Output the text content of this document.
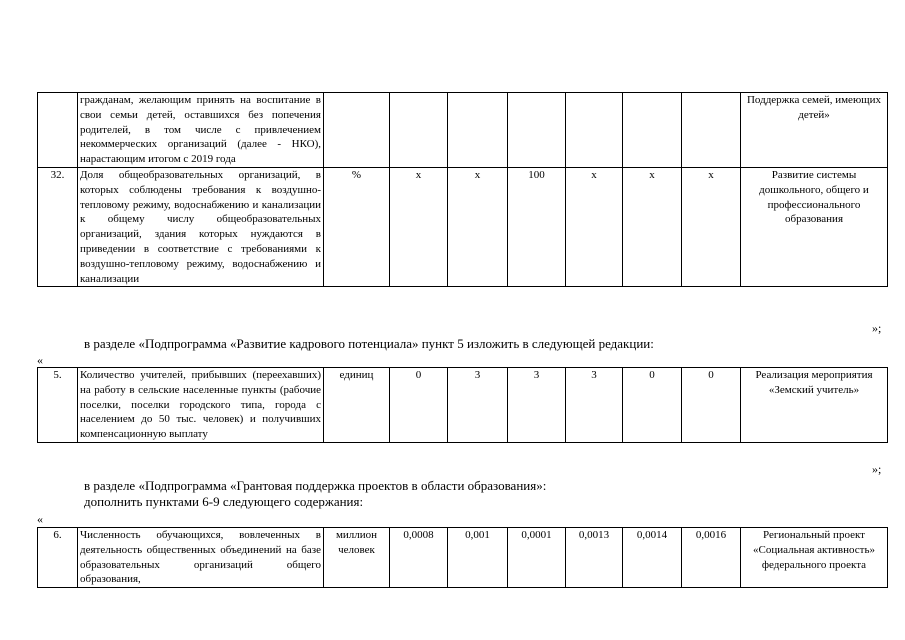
	гражданам, желающим принять на воспитание в свои семьи детей, оставшихся без попечения родителей, в том числе с привлечением некоммерческих организаций (далее - НКО), нарастающим итогом с 2019 года								Поддержка семей, имеющих детей»
32.	Доля общеобразовательных организаций, в которых соблюдены требования к воздушно-тепловому режиму, водоснабжению и канализации к общему числу общеобразовательных организаций, здания которых нуждаются в приведении в соответствие с требованиями к воздушно-тепловому режиму, водоснабжению и канализации	%	х	х	100	х	х	х	Развитие системы дошкольного, общего и профессионального образования
»;
в разделе «Подпрограмма «Развитие кадрового потенциала» пункт 5 изложить в следующей редакции:
«
5.	Количество учителей, прибывших (переехавших) на работу в сельские населенные пункты (рабочие поселки, поселки городского типа, города с населением до 50 тыс. человек) и получивших компенсационную выплату	единиц	0	3	3	3	0	0	Реализация мероприятия «Земский учитель»
»;
в разделе «Подпрограмма «Грантовая поддержка проектов в области образования»:
дополнить пунктами 6-9 следующего содержания:
«
6.	Численность обучающихся, вовлеченных в деятельность общественных объединений на базе образовательных организаций общего образования,	миллион человек	0,0008	0,001	0,0001	0,0013	0,0014	0,0016	Региональный проект «Социальная активность» федерального проекта
